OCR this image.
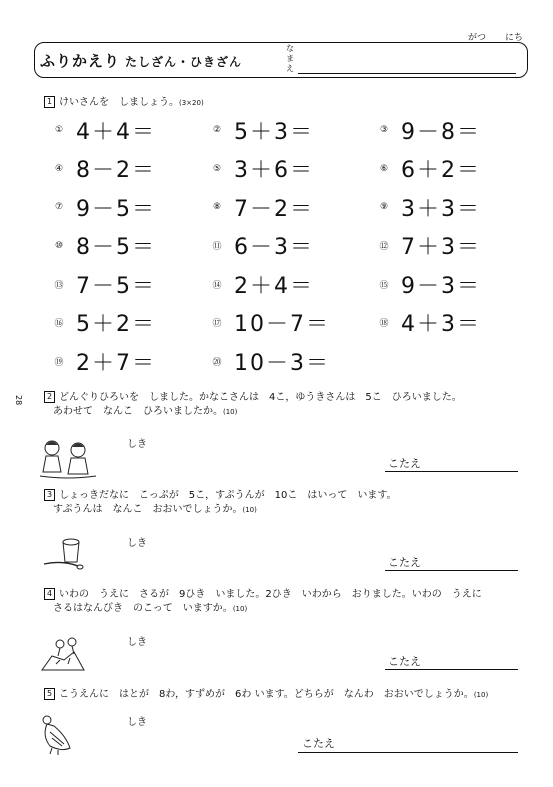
がつ にち
ふりかえり たしざん・ひきざん
なまえ
28
1 けいさんを　しましょう。(3×20)
① 4＋4＝	② 5＋3＝	③ 9－8＝
④ 8－2＝	⑤ 3＋6＝	⑥ 6＋2＝
⑦ 9－5＝	⑧ 7－2＝	⑨ 3＋3＝
⑩ 8－5＝	⑪ 6－3＝	⑫ 7＋3＝
⑬ 7－5＝	⑭ 2＋4＝	⑮ 9－3＝
⑯ 5＋2＝	⑰ 10－7＝	⑱ 4＋3＝
⑲ 2＋7＝	⑳ 10－3＝
2 どんぐりひろいを　しました。かなこさんは　4こ，ゆうきさんは　5こ　ひろいました。
あわせて　なんこ　ひろいましたか。(10)
しき
こたえ
3 しょっきだなに　こっぷが　5こ，すぷうんが　10こ　はいって　います。
すぷうんは　なんこ　おおいでしょうか。(10)
しき
こたえ
4 いわの　うえに　さるが　9ひき　いました。2ひき　いわから　おりました。いわの　うえに
さるはなんびき　のこって　いますか。(10)
しき
こたえ
5 こうえんに　はとが　8わ，すずめが　6わ います。どちらが　なんわ　おおいでしょうか。(10)
しき
こたえ
